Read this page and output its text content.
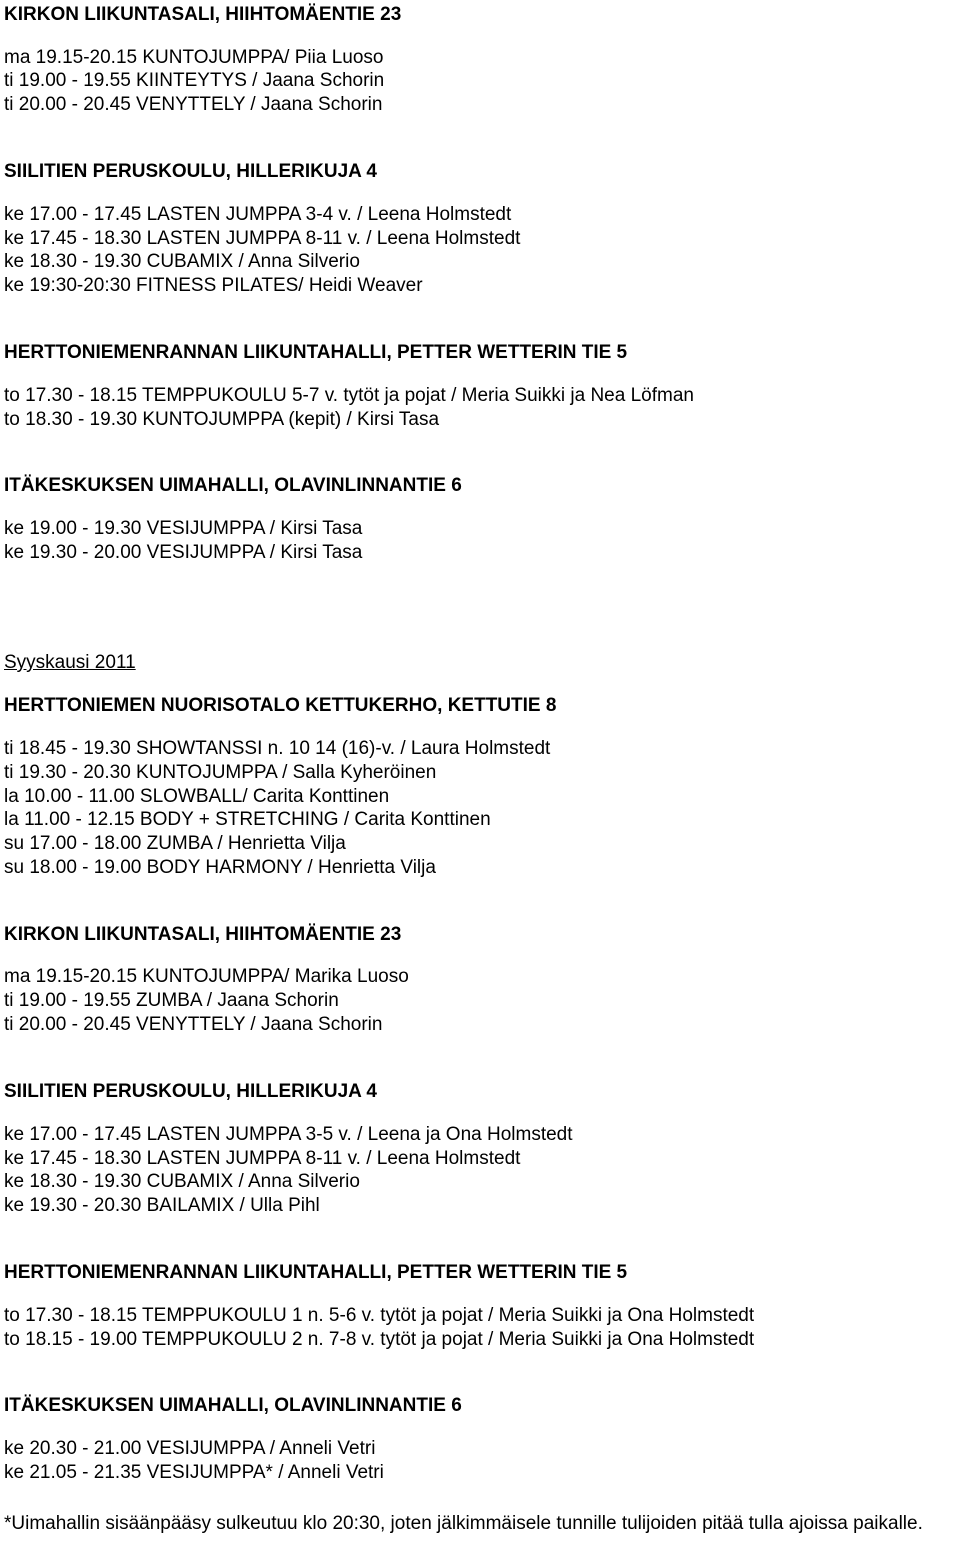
KIRKON LIIKUNTASALI, HIIHTOMÄENTIE 23
ma 19.15-20.15 KUNTOJUMPPA/ Piia Luoso
ti 19.00 - 19.55 KIINTEYTYS / Jaana Schorin
ti 20.00 - 20.45 VENYTTELY / Jaana Schorin
SIILITIEN PERUSKOULU, HILLERIKUJA 4
ke 17.00 - 17.45 LASTEN JUMPPA 3-4 v. / Leena Holmstedt
ke 17.45 - 18.30 LASTEN JUMPPA 8-11 v. / Leena Holmstedt
ke 18.30 - 19.30 CUBAMIX / Anna Silverio
ke 19:30-20:30 FITNESS PILATES/ Heidi Weaver
HERTTONIEMENRANNAN LIIKUNTAHALLI, PETTER WETTERIN TIE 5
to 17.30 - 18.15 TEMPPUKOULU 5-7 v. tytöt ja pojat / Meria Suikki ja Nea Löfman
to 18.30 - 19.30 KUNTOJUMPPA (kepit) / Kirsi Tasa
ITÄKESKUKSEN UIMAHALLI, OLAVINLINNANTIE 6
ke 19.00 - 19.30 VESIJUMPPA / Kirsi Tasa
ke 19.30 - 20.00 VESIJUMPPA / Kirsi Tasa
Syyskausi 2011
HERTTONIEMEN NUORISOTALO KETTUKERHO, KETTUTIE 8
ti 18.45 - 19.30 SHOWTANSSI n. 10 14 (16)-v. / Laura Holmstedt
ti 19.30 - 20.30 KUNTOJUMPPA / Salla Kyheröinen
la 10.00 - 11.00 SLOWBALL/ Carita Konttinen
la 11.00 - 12.15 BODY + STRETCHING / Carita Konttinen
su 17.00 - 18.00 ZUMBA / Henrietta Vilja
su 18.00 - 19.00 BODY HARMONY / Henrietta Vilja
KIRKON LIIKUNTASALI, HIIHTOMÄENTIE 23
ma 19.15-20.15 KUNTOJUMPPA/ Marika Luoso
ti 19.00 - 19.55 ZUMBA / Jaana Schorin
ti 20.00 - 20.45 VENYTTELY / Jaana Schorin
SIILITIEN PERUSKOULU, HILLERIKUJA 4
ke 17.00 - 17.45 LASTEN JUMPPA 3-5 v. / Leena ja Ona Holmstedt
ke 17.45 - 18.30 LASTEN JUMPPA 8-11 v. / Leena Holmstedt
ke 18.30 - 19.30 CUBAMIX / Anna Silverio
ke 19.30 - 20.30 BAILAMIX / Ulla Pihl
HERTTONIEMENRANNAN LIIKUNTAHALLI, PETTER WETTERIN TIE 5
to 17.30 - 18.15 TEMPPUKOULU 1 n. 5-6 v. tytöt ja pojat / Meria Suikki ja Ona Holmstedt
to 18.15 - 19.00 TEMPPUKOULU 2 n. 7-8 v. tytöt ja pojat / Meria Suikki ja Ona Holmstedt
ITÄKESKUKSEN UIMAHALLI, OLAVINLINNANTIE 6
ke 20.30 - 21.00 VESIJUMPPA / Anneli Vetri
ke 21.05 - 21.35 VESIJUMPPA* / Anneli Vetri
*Uimahallin sisäänpääsy sulkeutuu klo 20:30, joten jälkimmäisele tunnille tulijoiden pitää tulla ajoissa paikalle.
